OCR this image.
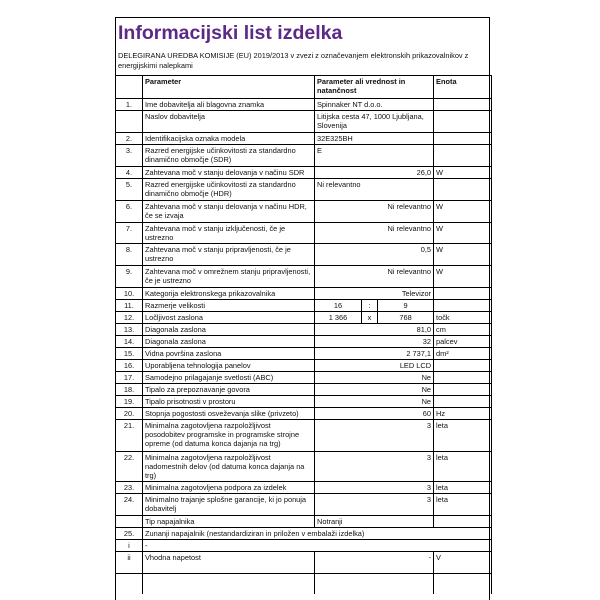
Informacijski list izdelka
DELEGIRANA UREDBA KOMISIJE (EU) 2019/2013 v zvezi z označevanjem elektronskih prikazovalnikov z energijskimi nalepkami
	Parameter	Parameter ali vrednost in natančnost			Enota
1.	Ime dobavitelja ali blagovna znamka	Spinnaker NT d.o.o.			
	Naslov dobavitelja	Litijska cesta 47, 1000 Ljubljana, Slovenija			
2.	Identifikacijska oznaka modela	32E325BH			
3.	Razred energijske učinkovitosti za standardno dinamično območje (SDR)	E			
4.	Zahtevana moč v stanju delovanja v načinu SDR	26,0			W
5.	Razred energijske učinkovitosti za standardno dinamično območje (HDR)	Ni relevantno			
6.	Zahtevana moč v stanju delovanja v načinu HDR, če se izvaja	Ni relevantno			W
7.	Zahtevana moč v stanju izključenosti, če je ustrezno	Ni relevantno			W
8.	Zahtevana moč v stanju pripravljenosti, če je ustrezno	0,5			W
9.	Zahtevana moč v omrežnem stanju pripravljenosti, če je ustrezno	Ni relevantno			W
10.	Kategorija elektronskega prikazovalnika	Televizor			
11.	Razmerje velikosti	16	:	9	
12.	Ločljivost zaslona	1 366	x	768	točk
13.	Diagonala zaslona	81,0			cm
14.	Diagonala zaslona	32			palcev
15.	Vidna površina zaslona	2 737,1			dm²
16.	Uporabljena tehnologija panelov	LED LCD			
17.	Samodejno prilagajanje svetlosti (ABC)	Ne			
18.	Tipalo za prepoznavanje govora	Ne			
19.	Tipalo prisotnosti v prostoru	Ne			
20.	Stopnja pogostosti osveževanja slike (privzeto)	60			Hz
21.	Minimalna zagotovljena razpoložljivost posodobitev programske in programske strojne opreme (od datuma konca dajanja na trg)	3			leta
22.	Minimalna zagotovljena razpoložljivost nadomestnih delov (od datuma konca dajanja na trg)	3			leta
23.	Minimalna zagotovljena podpora za izdelek	3			leta
24.	Minimalno trajanje splošne garancije, ki jo ponuja dobavitelj	3			leta
	Tip napajalnika	Notranji			
25.	Zunanji napajalnik (nestandardiziran in priložen v embalaži izdelka)				
i	-				
ii	Vhodna napetost	-			V
